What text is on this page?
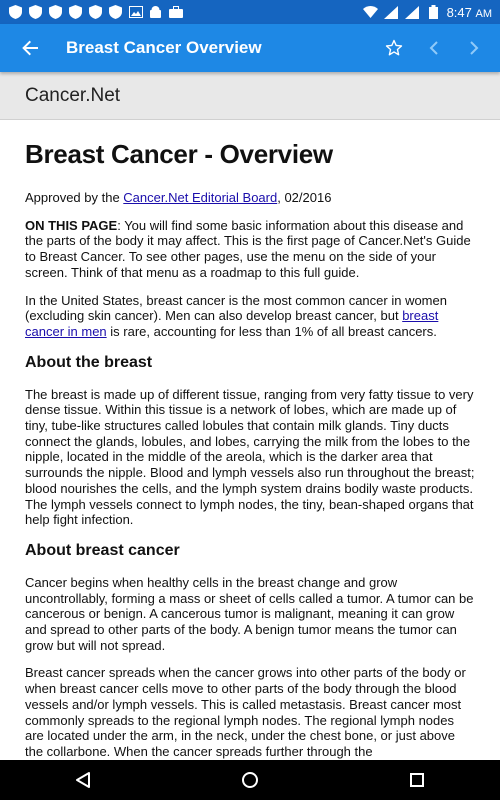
8:47 AM
Breast Cancer Overview
Cancer.Net
Breast Cancer - Overview

Approved by the Cancer.Net Editorial Board, 02/2016

ON THIS PAGE: You will find some basic information about this disease and the parts of the body it may affect. This is the first page of Cancer.Net's Guide to Breast Cancer. To see other pages, use the menu on the side of your screen. Think of that menu as a roadmap to this full guide.

In the United States, breast cancer is the most common cancer in women (excluding skin cancer). Men can also develop breast cancer, but breast cancer in men is rare, accounting for less than 1% of all breast cancers.

About the breast

The breast is made up of different tissue, ranging from very fatty tissue to very dense tissue. Within this tissue is a network of lobes, which are made up of tiny, tube-like structures called lobules that contain milk glands. Tiny ducts connect the glands, lobules, and lobes, carrying the milk from the lobes to the nipple, located in the middle of the areola, which is the darker area that surrounds the nipple. Blood and lymph vessels also run throughout the breast; blood nourishes the cells, and the lymph system drains bodily waste products. The lymph vessels connect to lymph nodes, the tiny, bean-shaped organs that help fight infection.

About breast cancer

Cancer begins when healthy cells in the breast change and grow uncontrollably, forming a mass or sheet of cells called a tumor. A tumor can be cancerous or benign. A cancerous tumor is malignant, meaning it can grow and spread to other parts of the body. A benign tumor means the tumor can grow but will not spread.

Breast cancer spreads when the cancer grows into other parts of the body or when breast cancer cells move to other parts of the body through the blood vessels and/or lymph vessels. This is called metastasis. Breast cancer most commonly spreads to the regional lymph nodes. The regional lymph nodes are located under the arm, in the neck, under the chest bone, or just above the collarbone. When the cancer spreads further through the
